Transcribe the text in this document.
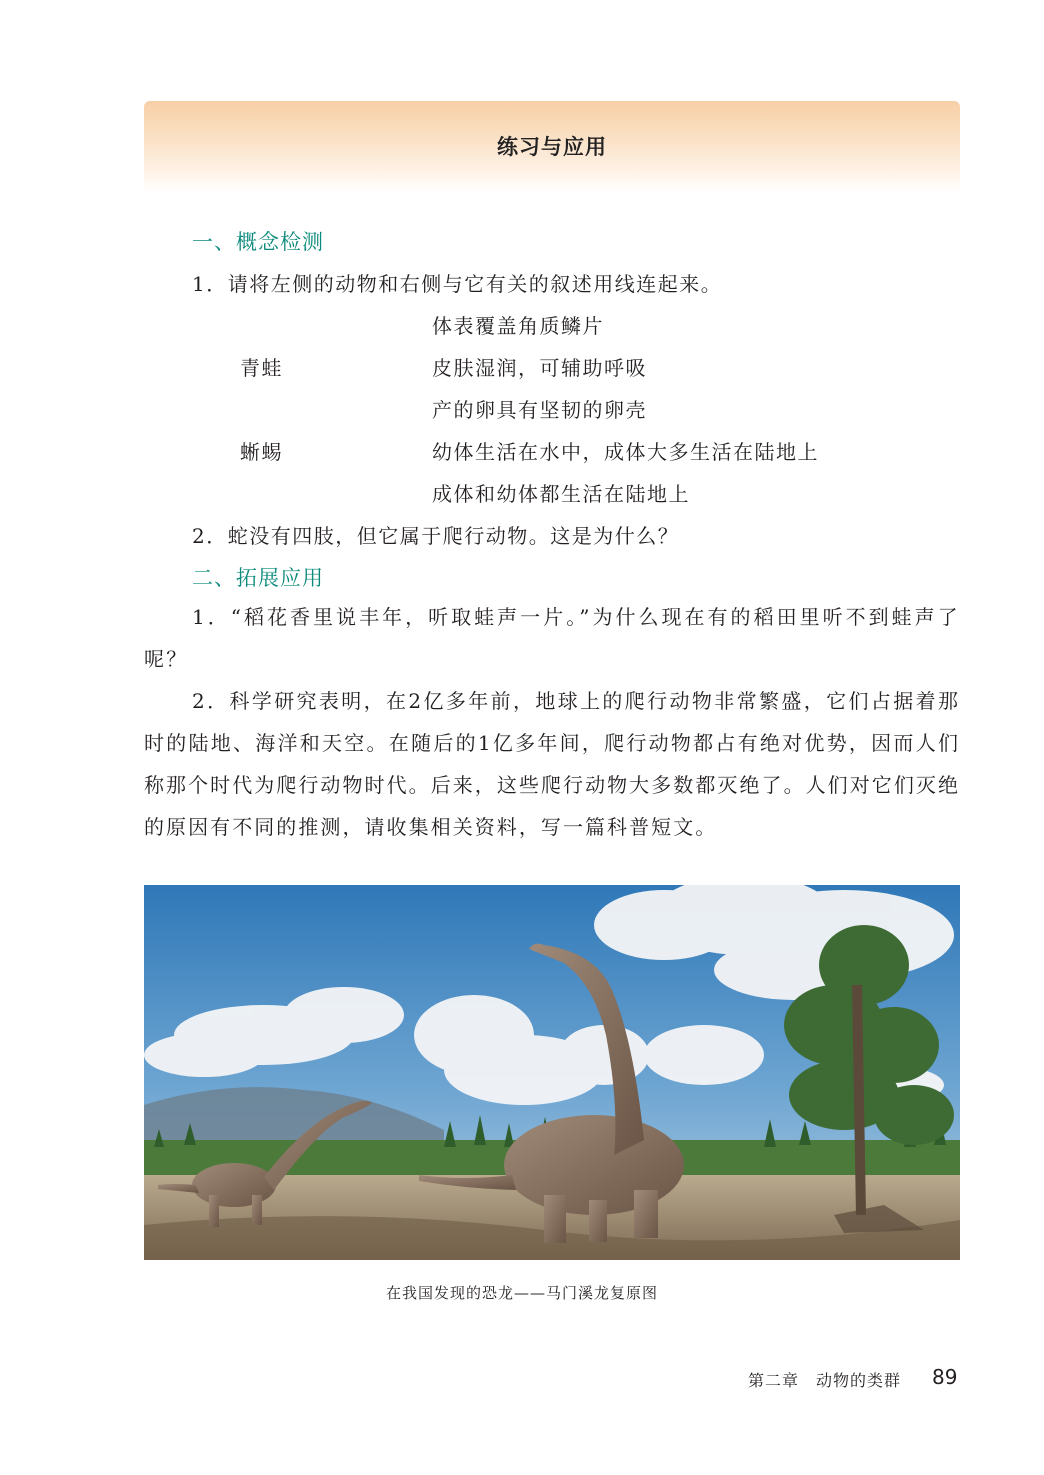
练习与应用
一、概念检测
1．请将左侧的动物和右侧与它有关的叙述用线连起来。
体表覆盖角质鳞片
青蛙	皮肤湿润，可辅助呼吸
产的卵具有坚韧的卵壳
蜥蜴	幼体生活在水中，成体大多生活在陆地上
成体和幼体都生活在陆地上
2．蛇没有四肢，但它属于爬行动物。这是为什么？
二、拓展应用
1．“稻花香里说丰年，听取蛙声一片。”为什么现在有的稻田里听不到蛙声了呢？
2．科学研究表明，在2亿多年前，地球上的爬行动物非常繁盛，它们占据着那时的陆地、海洋和天空。在随后的1亿多年间，爬行动物都占有绝对优势，因而人们称那个时代为爬行动物时代。后来，这些爬行动物大多数都灭绝了。人们对它们灭绝的原因有不同的推测，请收集相关资料，写一篇科普短文。
在我国发现的恐龙——马门溪龙复原图
第二章　动物的类群 89
